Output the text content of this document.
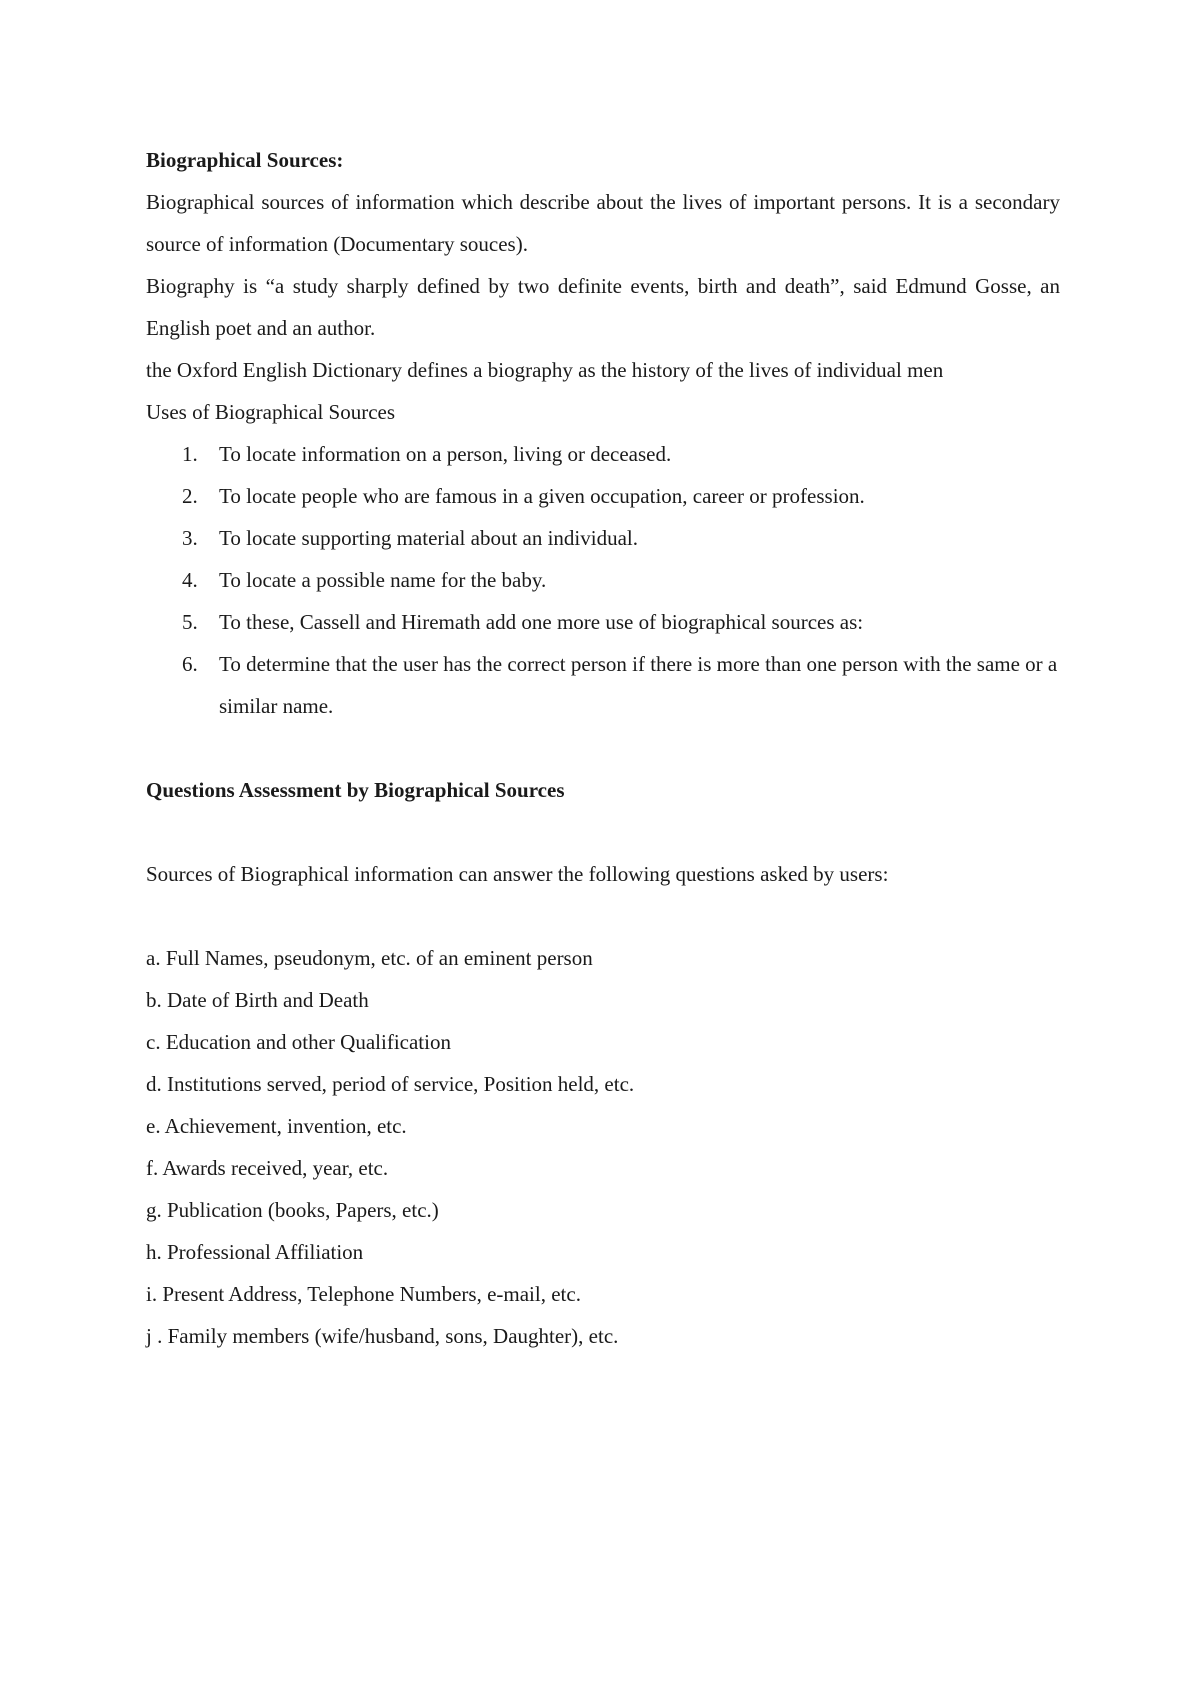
Biographical Sources:

Biographical sources of information which describe about the lives of important persons. It is a secondary source of information (Documentary souces).

Biography is “a study sharply defined by two definite events, birth and death”, said Edmund Gosse, an English poet and an author.

the Oxford English Dictionary defines a biography as the history of the lives of individual men

Uses of Biographical Sources

1. To locate information on a person, living or deceased.
2. To locate people who are famous in a given occupation, career or profession.
3. To locate supporting material about an individual.
4. To locate a possible name for the baby.
5. To these, Cassell and Hiremath add one more use of biographical sources as:
6. To determine that the user has the correct person if there is more than one person with the same or a similar name.

Questions Assessment by Biographical Sources

Sources of Biographical information can answer the following questions asked by users:

a. Full Names, pseudonym, etc. of an eminent person
b. Date of Birth and Death
c. Education and other Qualification
d. Institutions served, period of service, Position held, etc.
e. Achievement, invention, etc.
f. Awards received, year, etc.
g. Publication (books, Papers, etc.)
h. Professional Affiliation
i. Present Address, Telephone Numbers, e-mail, etc.
j . Family members (wife/husband, sons, Daughter), etc.
